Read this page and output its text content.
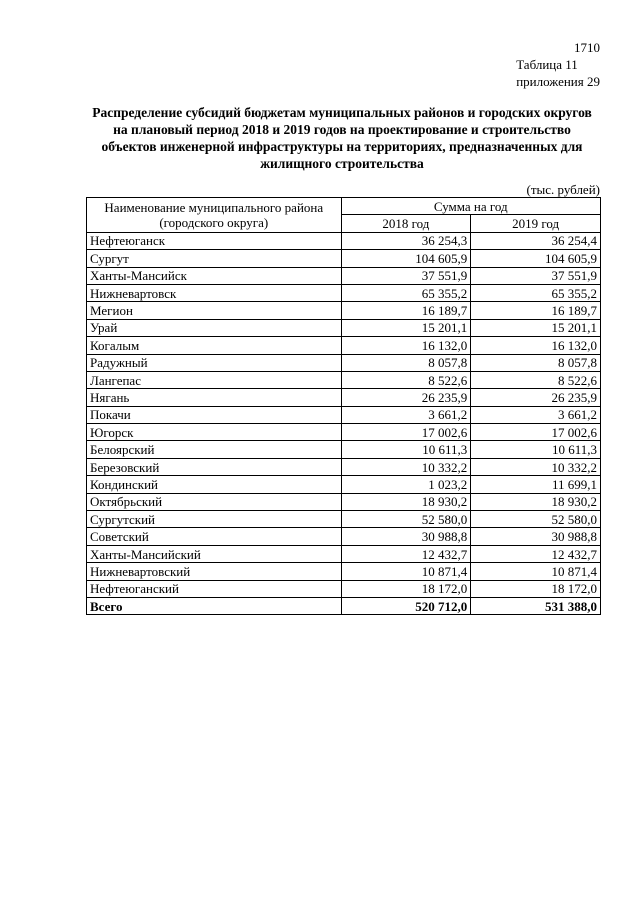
1710
Таблица 11
приложения 29
Распределение субсидий бюджетам муниципальных районов и городских округов на плановый период 2018 и 2019 годов на проектирование и строительство объектов инженерной инфраструктуры на территориях, предназначенных для жилищного строительства
(тыс. рублей)
Наименование муниципального района
(городского округа)	Сумма на год	
	2018 год	2019 год
Нефтеюганск	36 254,3	36 254,4
Сургут	104 605,9	104 605,9
Ханты-Мансийск	37 551,9	37 551,9
Нижневартовск	65 355,2	65 355,2
Мегион	16 189,7	16 189,7
Урай	15 201,1	15 201,1
Когалым	16 132,0	16 132,0
Радужный	8 057,8	8 057,8
Лангепас	8 522,6	8 522,6
Нягань	26 235,9	26 235,9
Покачи	3 661,2	3 661,2
Югорск	17 002,6	17 002,6
Белоярский	10 611,3	10 611,3
Березовский	10 332,2	10 332,2
Кондинский	1 023,2	11 699,1
Октябрьский	18 930,2	18 930,2
Сургутский	52 580,0	52 580,0
Советский	30 988,8	30 988,8
Ханты-Мансийский	12 432,7	12 432,7
Нижневартовский	10 871,4	10 871,4
Нефтеюганский	18 172,0	18 172,0
Всего	520 712,0	531 388,0
